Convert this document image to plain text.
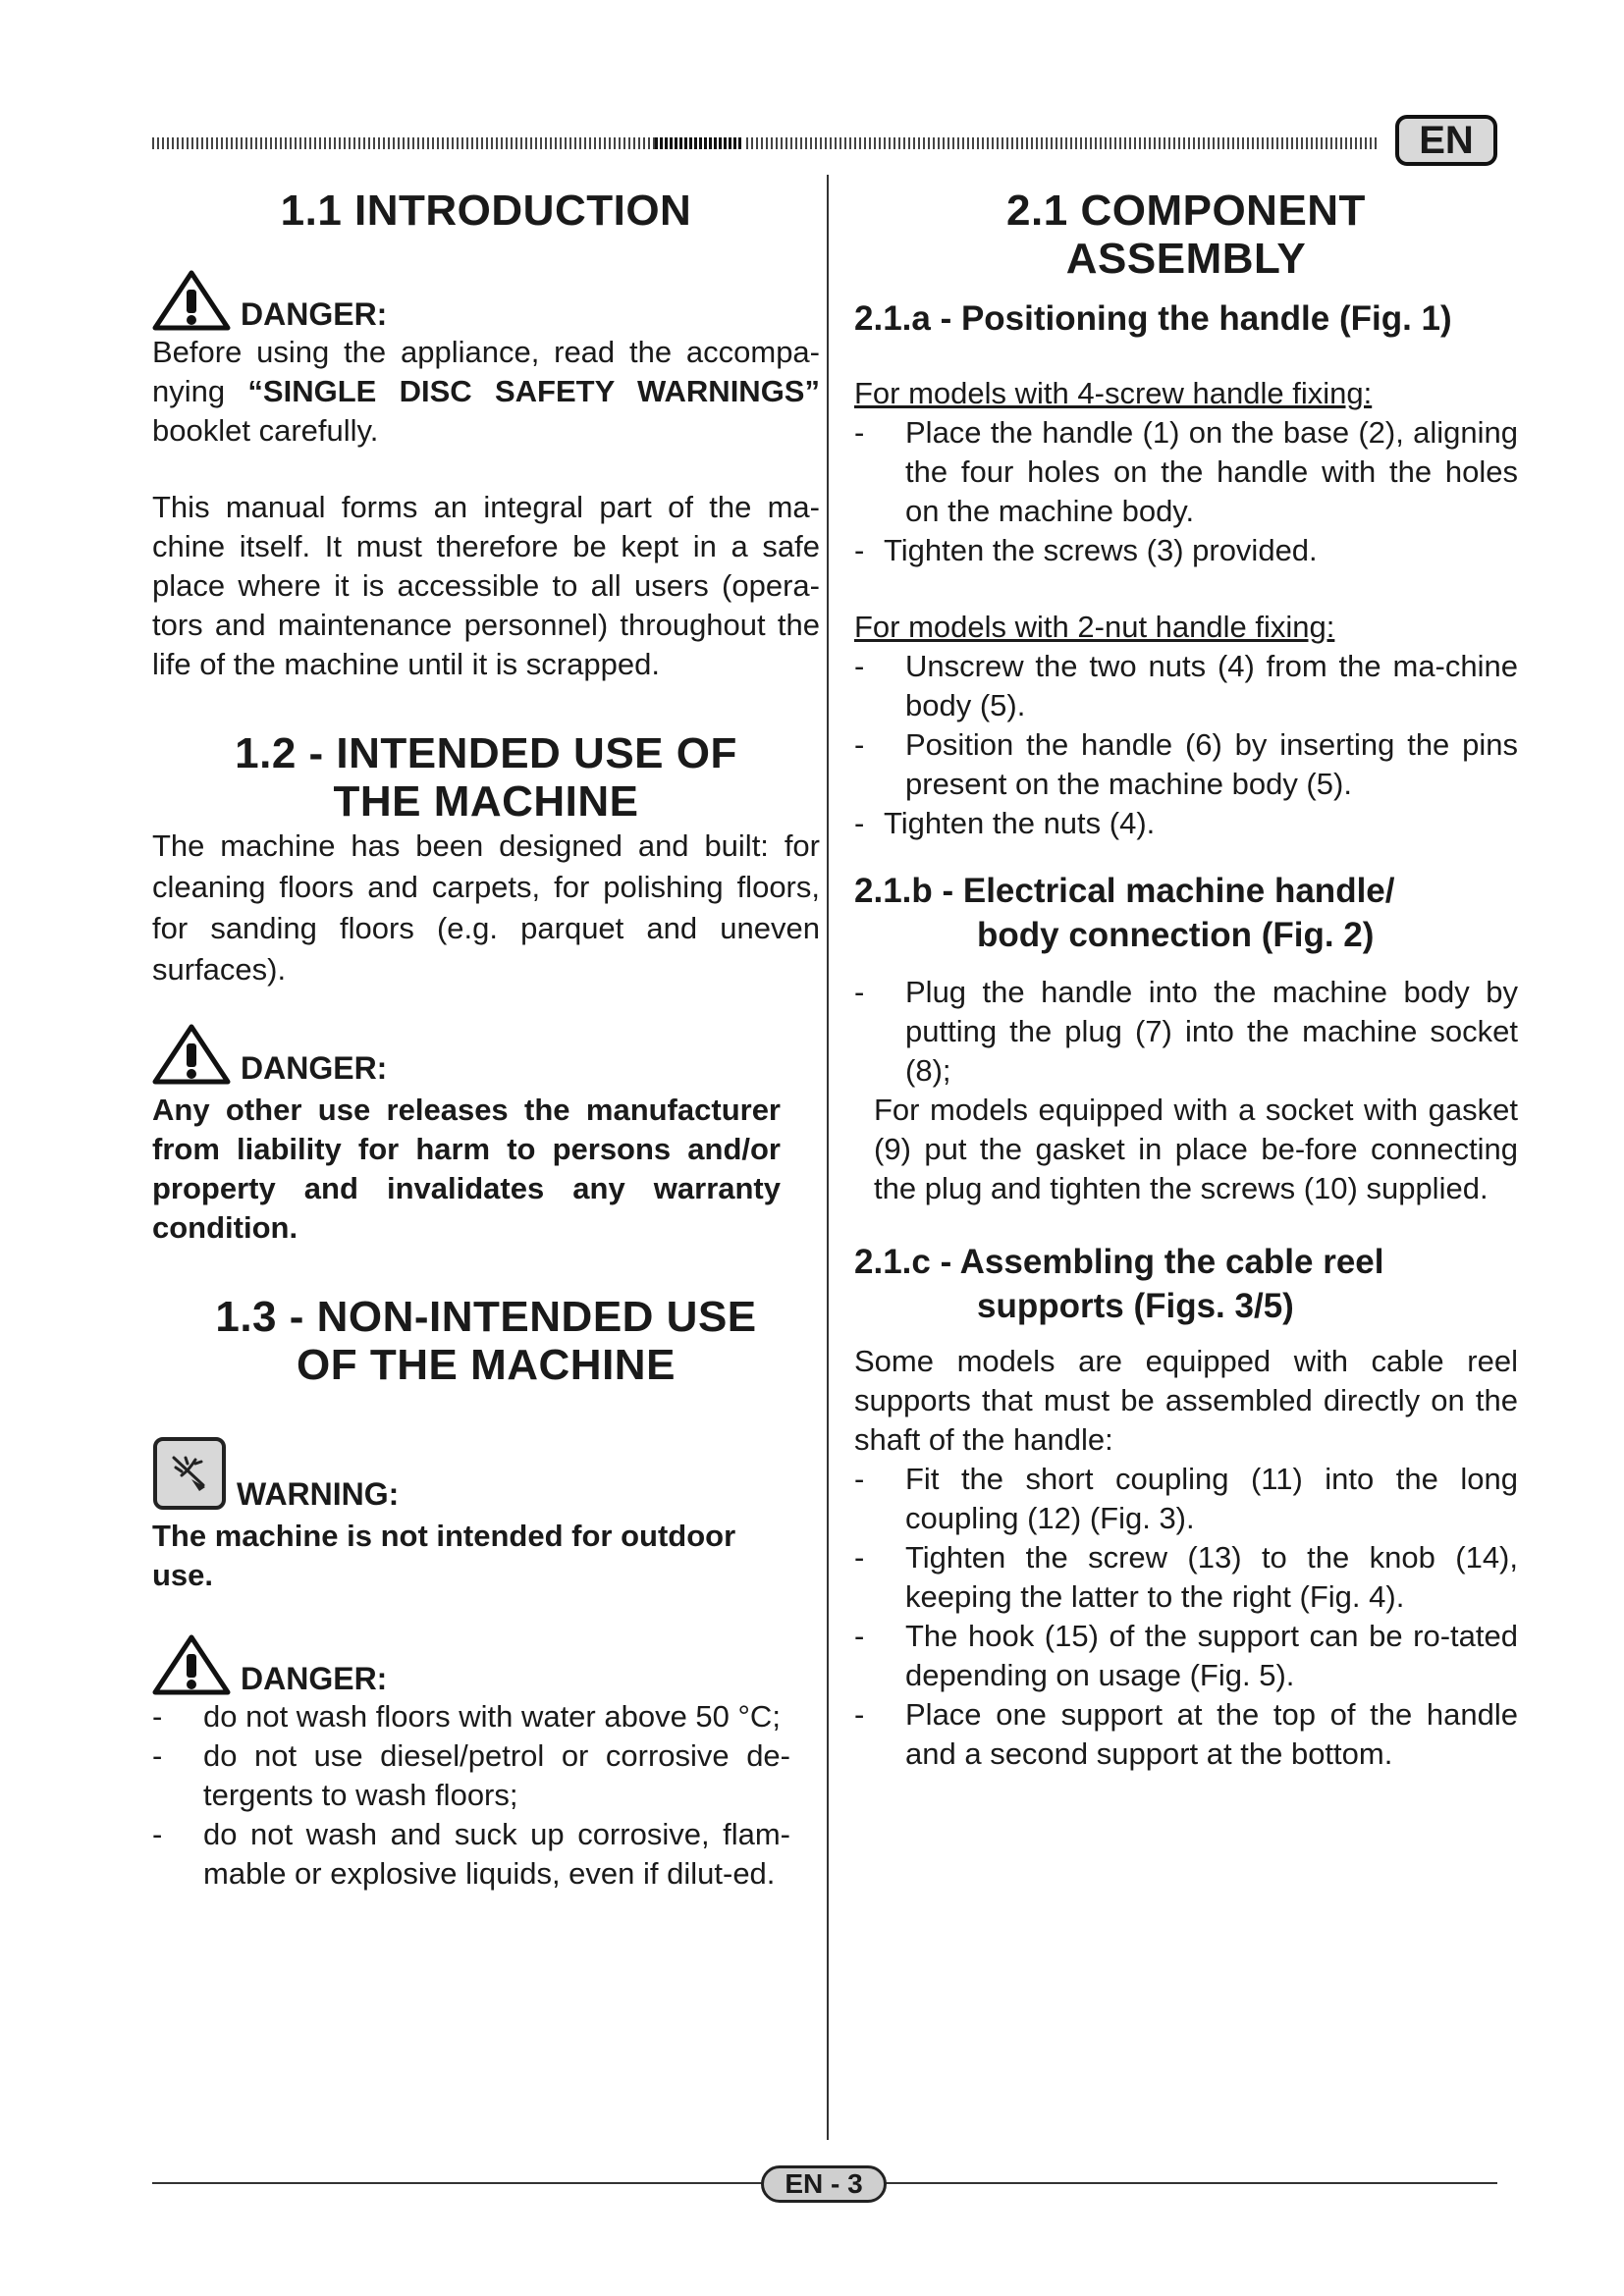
EN
1.1 INTRODUCTION
DANGER:

Before using the appliance, read the accompa-nying “SINGLE DISC SAFETY WARNINGS” booklet carefully.

This manual forms an integral part of the ma-chine itself. It must therefore be kept in a safe place where it is accessible to all users (opera-tors and maintenance personnel) throughout the life of the machine until it is scrapped.

1.2 - INTENDED USE OF
THE MACHINE

The machine has been designed and built: for cleaning floors and carpets, for polishing floors, for sanding floors (e.g. parquet and uneven surfaces).

DANGER:

Any other use releases the manufacturer from liability for harm to persons and/or property and invalidates any warranty condition.

1.3 - NON-INTENDED USE
OF THE MACHINE
WARNING:

The machine is not intended for outdoor use.

DANGER:
- do not wash floors with water above 50 °C;
- do not use diesel/petrol or corrosive de-tergents to wash floors;
- do not wash and suck up corrosive, flam-mable or explosive liquids, even if dilut-ed.
2.1 COMPONENT
ASSEMBLY
2.1.a - Positioning the handle (Fig. 1)

For models with 4-screw handle fixing:

- Place the handle (1) on the base (2), aligning the four holes on the handle with the holes on the machine body.
- Tighten the screws (3) provided.

For models with 2-nut handle fixing:

- Unscrew the two nuts (4) from the ma-chine body (5).
- Position the handle (6) by inserting the pins present on the machine body (5).
- Tighten the nuts (4).
2.1.b - Electrical machine handle/
body connection (Fig. 2)
- Plug the handle into the machine body by putting the plug (7) into the machine socket (8);

For models equipped with a socket with gasket (9) put the gasket in place be-fore connecting the plug and tighten the screws (10) supplied.

2.1.c - Assembling the cable reel
supports (Figs. 3/5)

Some models are equipped with cable reel supports that must be assembled directly on the shaft of the handle:

- Fit the short coupling (11) into the long coupling (12) (Fig. 3).
- Tighten the screw (13) to the knob (14), keeping the latter to the right (Fig. 4).
- The hook (15) of the support can be ro-tated depending on usage (Fig. 5).
- Place one support at the top of the handle and a second support at the bottom.
EN - 3
